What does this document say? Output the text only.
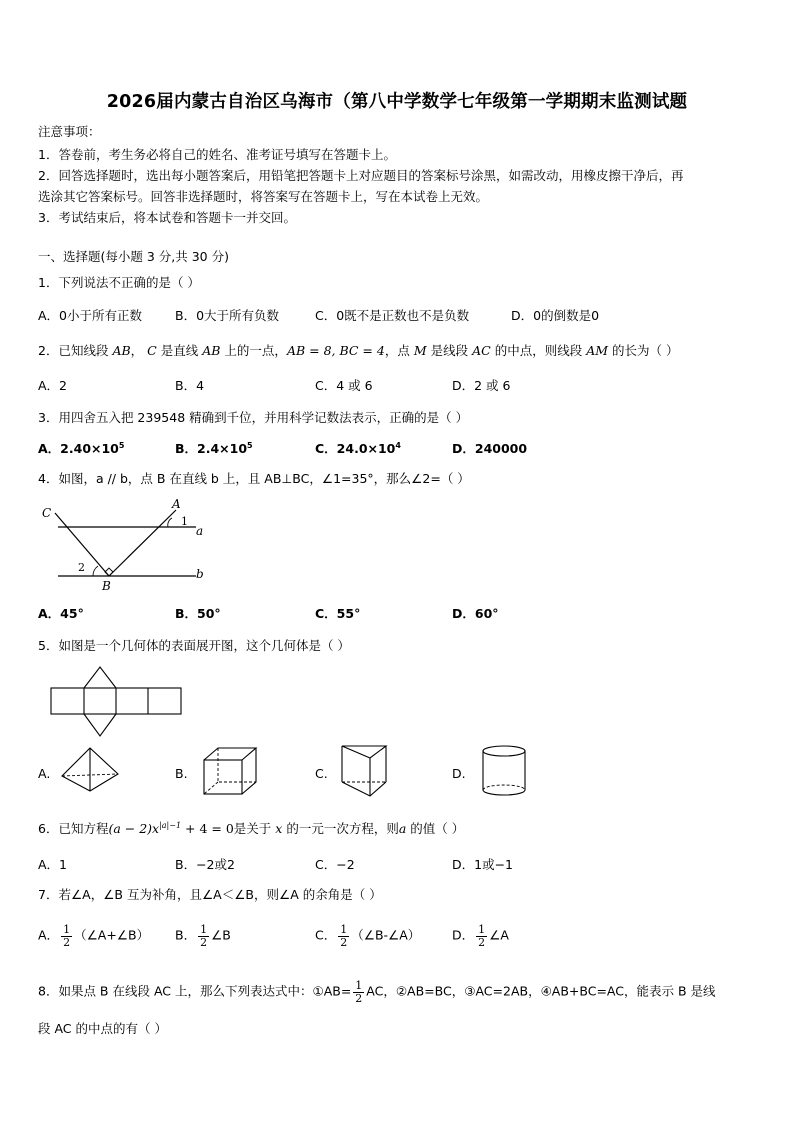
2026届内蒙古自治区乌海市（第八中学数学七年级第一学期期末监测试题
注意事项：
1．答卷前，考生务必将自己的姓名、准考证号填写在答题卡上。
2．回答选择题时，选出每小题答案后，用铅笔把答题卡上对应题目的答案标号涂黑，如需改动，用橡皮擦干净后，再
选涂其它答案标号。回答非选择题时，将答案写在答题卡上，写在本试卷上无效。
3．考试结束后，将本试卷和答题卡一并交回。
一、选择题(每小题 3 分,共 30 分)
1．下列说法不正确的是（ ）
A．0小于所有正数	B．0大于所有负数	C．0既不是正数也不是负数	D．0的倒数是0
2．已知线段 AB， C 是直线 AB 上的一点，AB = 8, BC = 4，点 M 是线段 AC 的中点，则线段 AM 的长为（ ）
A．2	B．4	C．4 或 6	D．2 或 6
3．用四舍五入把 239548 精确到千位，并用科学记数法表示，正确的是（ ）
A．$2.40\times 10^5$	B．$2.4\times 10^5$	C．$24.0\times 10^4$	D．240000
4．如图，a // b，点 B 在直线 b 上，且 AB⊥BC，∠1=35°，那么∠2=（ ）
C
A
1
a
2	b
B
A．45°	B．50°	C．55°	D．60°
5．如图是一个几何体的表面展开图，这个几何体是（ ）
A.	B.	C.	D.
6．已知方程$(a - 2)x^{|a|-1} + 4 = 0$是关于 x 的一元一次方程，则a 的值（ ）
A．1	B．−2或2	C．−2	D．1或−1
7．若∠A，∠B 互为补角，且∠A＜∠B，则∠A 的余角是（ ）
A． $\frac{1}{2}$ （∠A+∠B） B． $\frac{1}{2}$ ∠B	C． $\frac{1}{2}$ （∠B-∠A）	D． $\frac{1}{2}$ ∠A
8．如果点 B 在线段 AC 上，那么下列表达式中：①AB= $\frac{1}{2}$ AC，②AB=BC，③AC=2AB，④AB+BC=AC，能表示 B 是线
段 AC 的中点的有（ ）
